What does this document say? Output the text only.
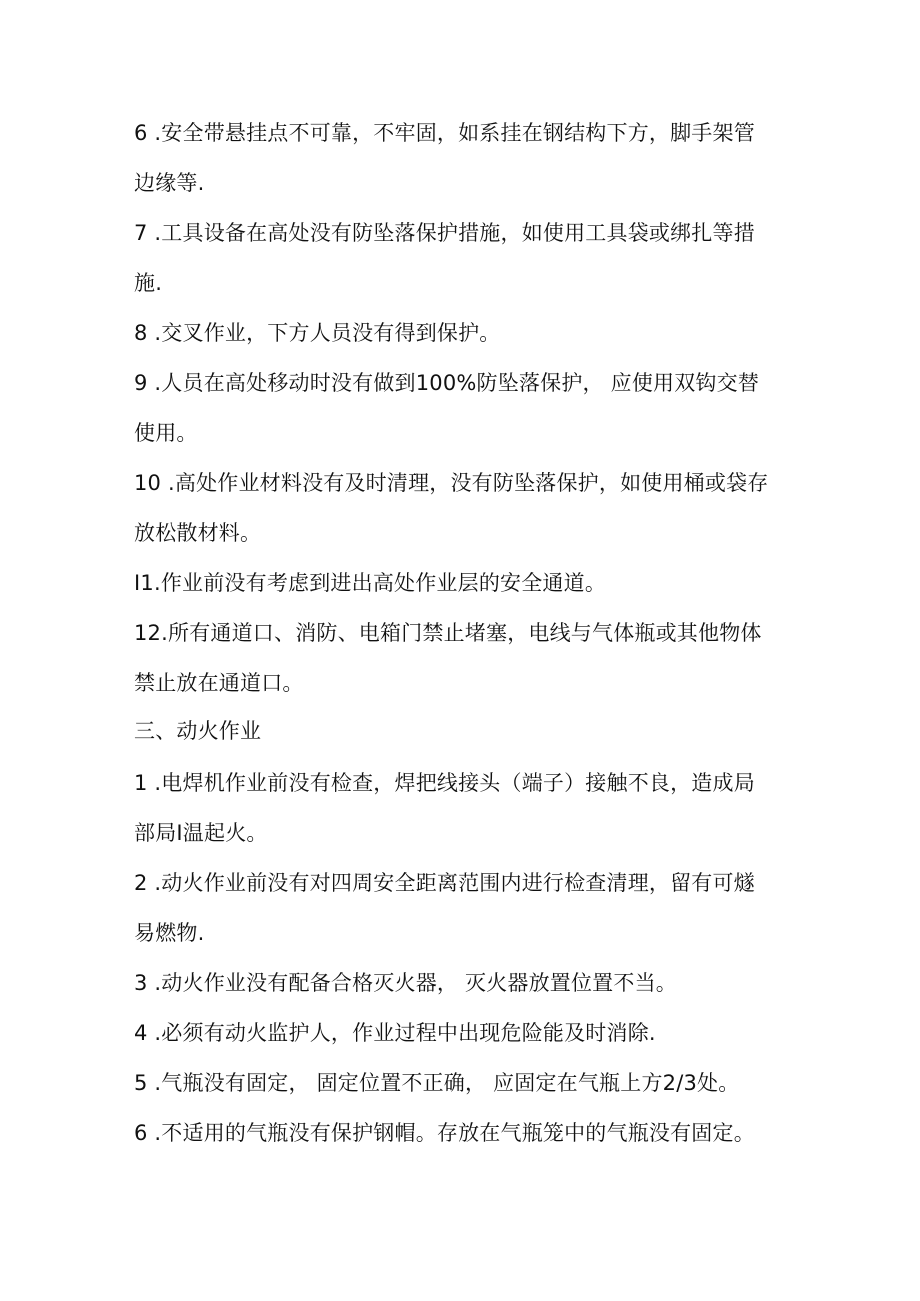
6 .安全带悬挂点不可靠，不牢固，如系挂在钢结构下方，脚手架管
边缘等.
7 .工具设备在高处没有防坠落保护措施，如使用工具袋或绑扎等措
施.
8 .交叉作业，下方人员没有得到保护。
9 .人员在高处移动时没有做到100%防坠落保护， 应使用双钩交替
使用。
10 .高处作业材料没有及时清理，没有防坠落保护，如使用桶或袋存
放松散材料。
I1.作业前没有考虑到进出高处作业层的安全通道。
12.所有通道口、消防、电箱门禁止堵塞，电线与气体瓶或其他物体
禁止放在通道口。
三、动火作业
1 .电焊机作业前没有检查，焊把线接头（端子）接触不良，造成局
部局I温起火。
2 .动火作业前没有对四周安全距离范围内进行检查清理，留有可燧
易燃物.
3 .动火作业没有配备合格灭火器， 灭火器放置位置不当。
4 .必须有动火监护人，作业过程中出现危险能及时消除.
5 .气瓶没有固定， 固定位置不正确， 应固定在气瓶上方2/3处。
6 .不适用的气瓶没有保护钢帽。存放在气瓶笼中的气瓶没有固定。
